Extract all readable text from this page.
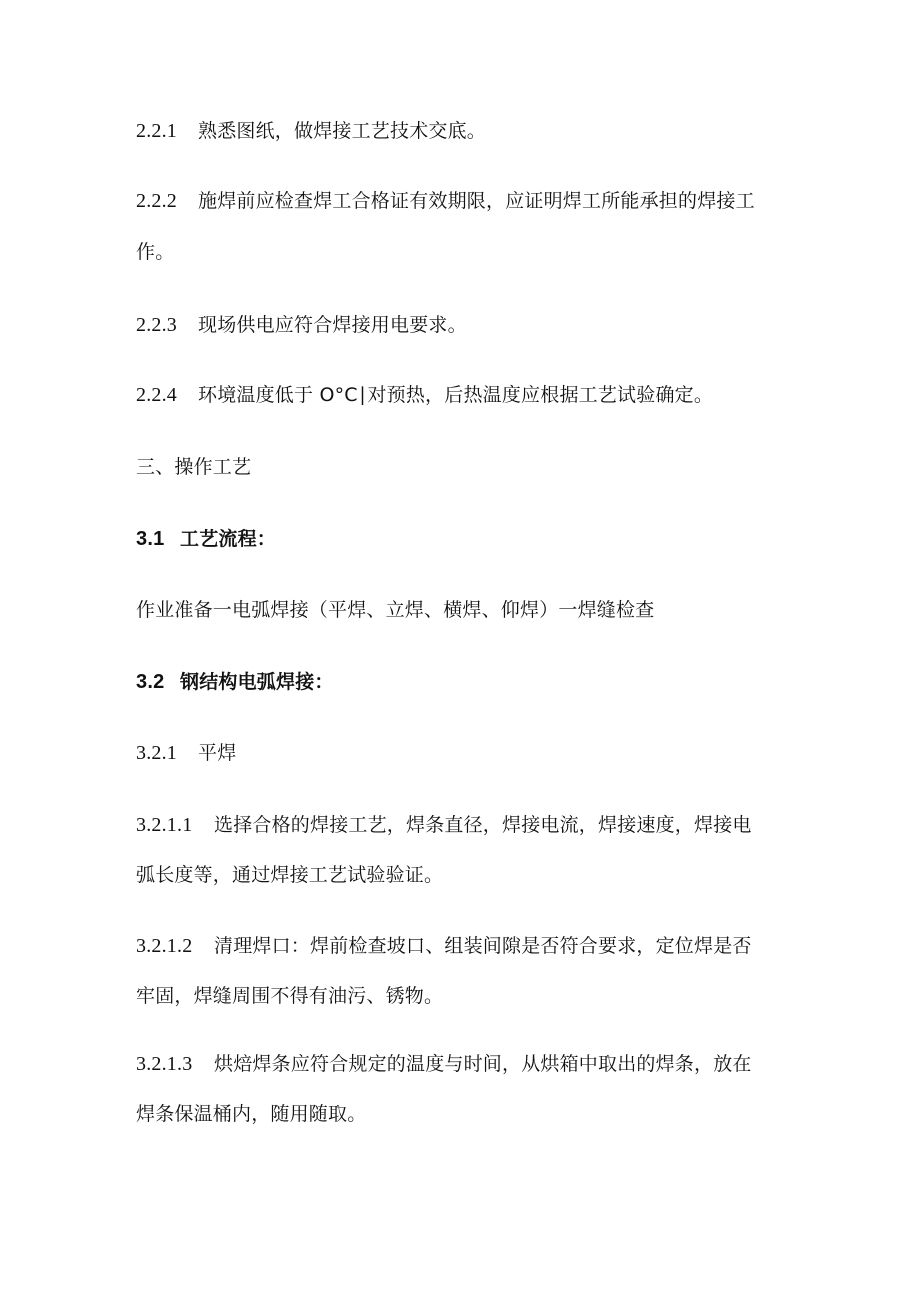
2.2.1 熟悉图纸，做焊接工艺技术交底。
2.2.2 施焊前应检查焊工合格证有效期限，应证明焊工所能承担的焊接工
作。
2.2.3 现场供电应符合焊接用电要求。
2.2.4 环境温度低于 O°C∣对预热，后热温度应根据工艺试验确定。
三、操作工艺
3.1 工艺流程：
作业准备一电弧焊接（平焊、立焊、横焊、仰焊）一焊缝检查
3.2 钢结构电弧焊接：
3.2.1 平焊
3.2.1.1 选择合格的焊接工艺，焊条直径，焊接电流，焊接速度，焊接电
弧长度等，通过焊接工艺试验验证。
3.2.1.2 清理焊口：焊前检查坡口、组装间隙是否符合要求，定位焊是否
牢固，焊缝周围不得有油污、锈物。
3.2.1.3 烘焙焊条应符合规定的温度与时间，从烘箱中取出的焊条，放在
焊条保温桶内，随用随取。
